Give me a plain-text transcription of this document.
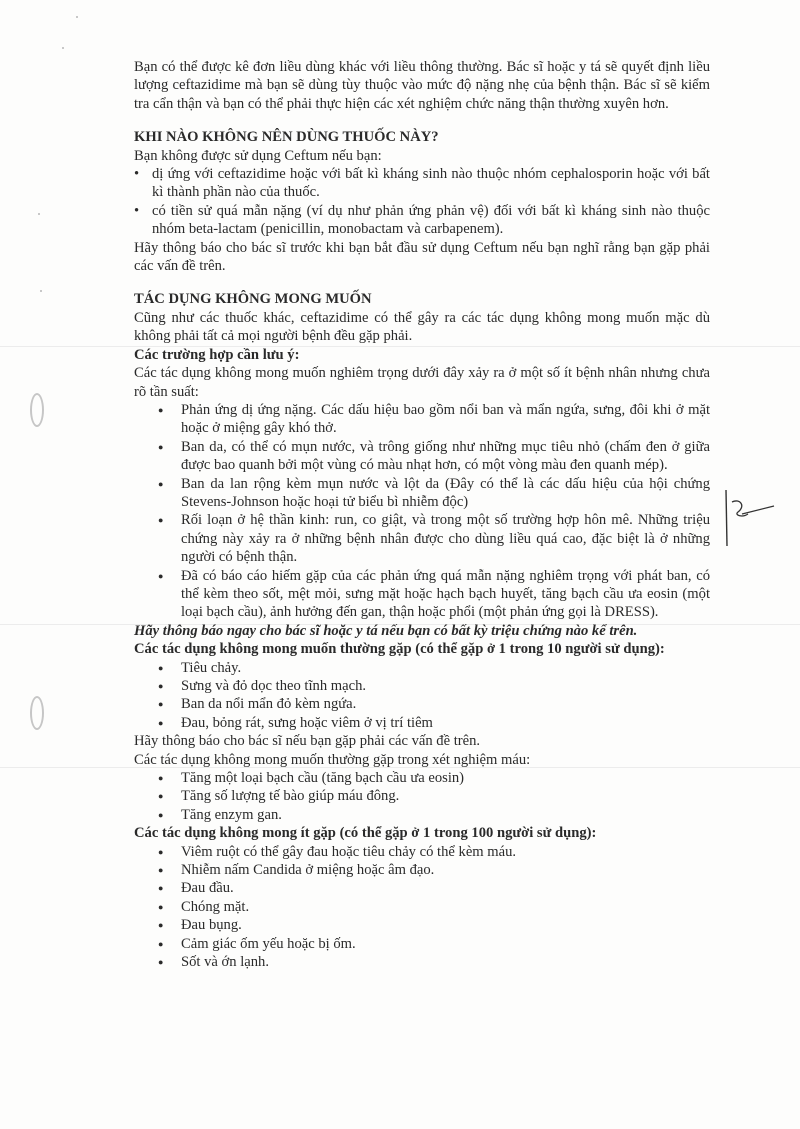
Bạn có thể được kê đơn liều dùng khác với liều thông thường. Bác sĩ hoặc y tá sẽ quyết định liều lượng ceftazidime mà bạn sẽ dùng tùy thuộc vào mức độ nặng nhẹ của bệnh thận. Bác sĩ sẽ kiểm tra cẩn thận và bạn có thể phải thực hiện các xét nghiệm chức năng thận thường xuyên hơn.

KHI NÀO KHÔNG NÊN DÙNG THUỐC NÀY?

Bạn không được sử dụng Ceftum nếu bạn:

• dị ứng với ceftazidime hoặc với bất kì kháng sinh nào thuộc nhóm cephalosporin hoặc với bất kì thành phần nào của thuốc.
• có tiền sử quá mẫn nặng (ví dụ như phản ứng phản vệ) đối với bất kì kháng sinh nào thuộc nhóm beta-lactam (penicillin, monobactam và carbapenem).

Hãy thông báo cho bác sĩ trước khi bạn bắt đầu sử dụng Ceftum nếu bạn nghĩ rằng bạn gặp phải các vấn đề trên.

TÁC DỤNG KHÔNG MONG MUỐN

Cũng như các thuốc khác, ceftazidime có thể gây ra các tác dụng không mong muốn mặc dù không phải tất cả mọi người bệnh đều gặp phải.

Các trường hợp cần lưu ý:

Các tác dụng không mong muốn nghiêm trọng dưới đây xảy ra ở một số ít bệnh nhân nhưng chưa rõ tần suất:

● Phản ứng dị ứng nặng. Các dấu hiệu bao gồm nổi ban và mẩn ngứa, sưng, đôi khi ở mặt hoặc ở miệng gây khó thở.
● Ban da, có thể có mụn nước, và trông giống như những mục tiêu nhỏ (chấm đen ở giữa được bao quanh bởi một vùng có màu nhạt hơn, có một vòng màu đen quanh mép).
● Ban da lan rộng kèm mụn nước và lột da (Đây có thể là các dấu hiệu của hội chứng Stevens-Johnson hoặc hoại tử biểu bì nhiễm độc)
● Rối loạn ở hệ thần kinh: run, co giật, và trong một số trường hợp hôn mê. Những triệu chứng này xảy ra ở những bệnh nhân được cho dùng liều quá cao, đặc biệt là ở những người có bệnh thận.
● Đã có báo cáo hiếm gặp của các phản ứng quá mẫn nặng nghiêm trọng với phát ban, có thể kèm theo sốt, mệt mỏi, sưng mặt hoặc hạch bạch huyết, tăng bạch cầu ưa eosin (một loại bạch cầu), ảnh hưởng đến gan, thận hoặc phổi (một phản ứng gọi là DRESS).

Hãy thông báo ngay cho bác sĩ hoặc y tá nếu bạn có bất kỳ triệu chứng nào kể trên.

Các tác dụng không mong muốn thường gặp (có thể gặp ở 1 trong 10 người sử dụng):

● Tiêu chảy.
● Sưng và đỏ dọc theo tĩnh mạch.
● Ban da nổi mẩn đỏ kèm ngứa.
● Đau, bỏng rát, sưng hoặc viêm ở vị trí tiêm

Hãy thông báo cho bác sĩ nếu bạn gặp phải các vấn đề trên.

Các tác dụng không mong muốn thường gặp trong xét nghiệm máu:

● Tăng một loại bạch cầu (tăng bạch cầu ưa eosin)
● Tăng số lượng tế bào giúp máu đông.
● Tăng enzym gan.

Các tác dụng không mong ít gặp (có thể gặp ở 1 trong 100 người sử dụng):

● Viêm ruột có thể gây đau hoặc tiêu chảy có thể kèm máu.
● Nhiễm nấm Candida ở miệng hoặc âm đạo.
● Đau đầu.
● Chóng mặt.
● Đau bụng.
● Cảm giác ốm yếu hoặc bị ốm.
● Sốt và ớn lạnh.
